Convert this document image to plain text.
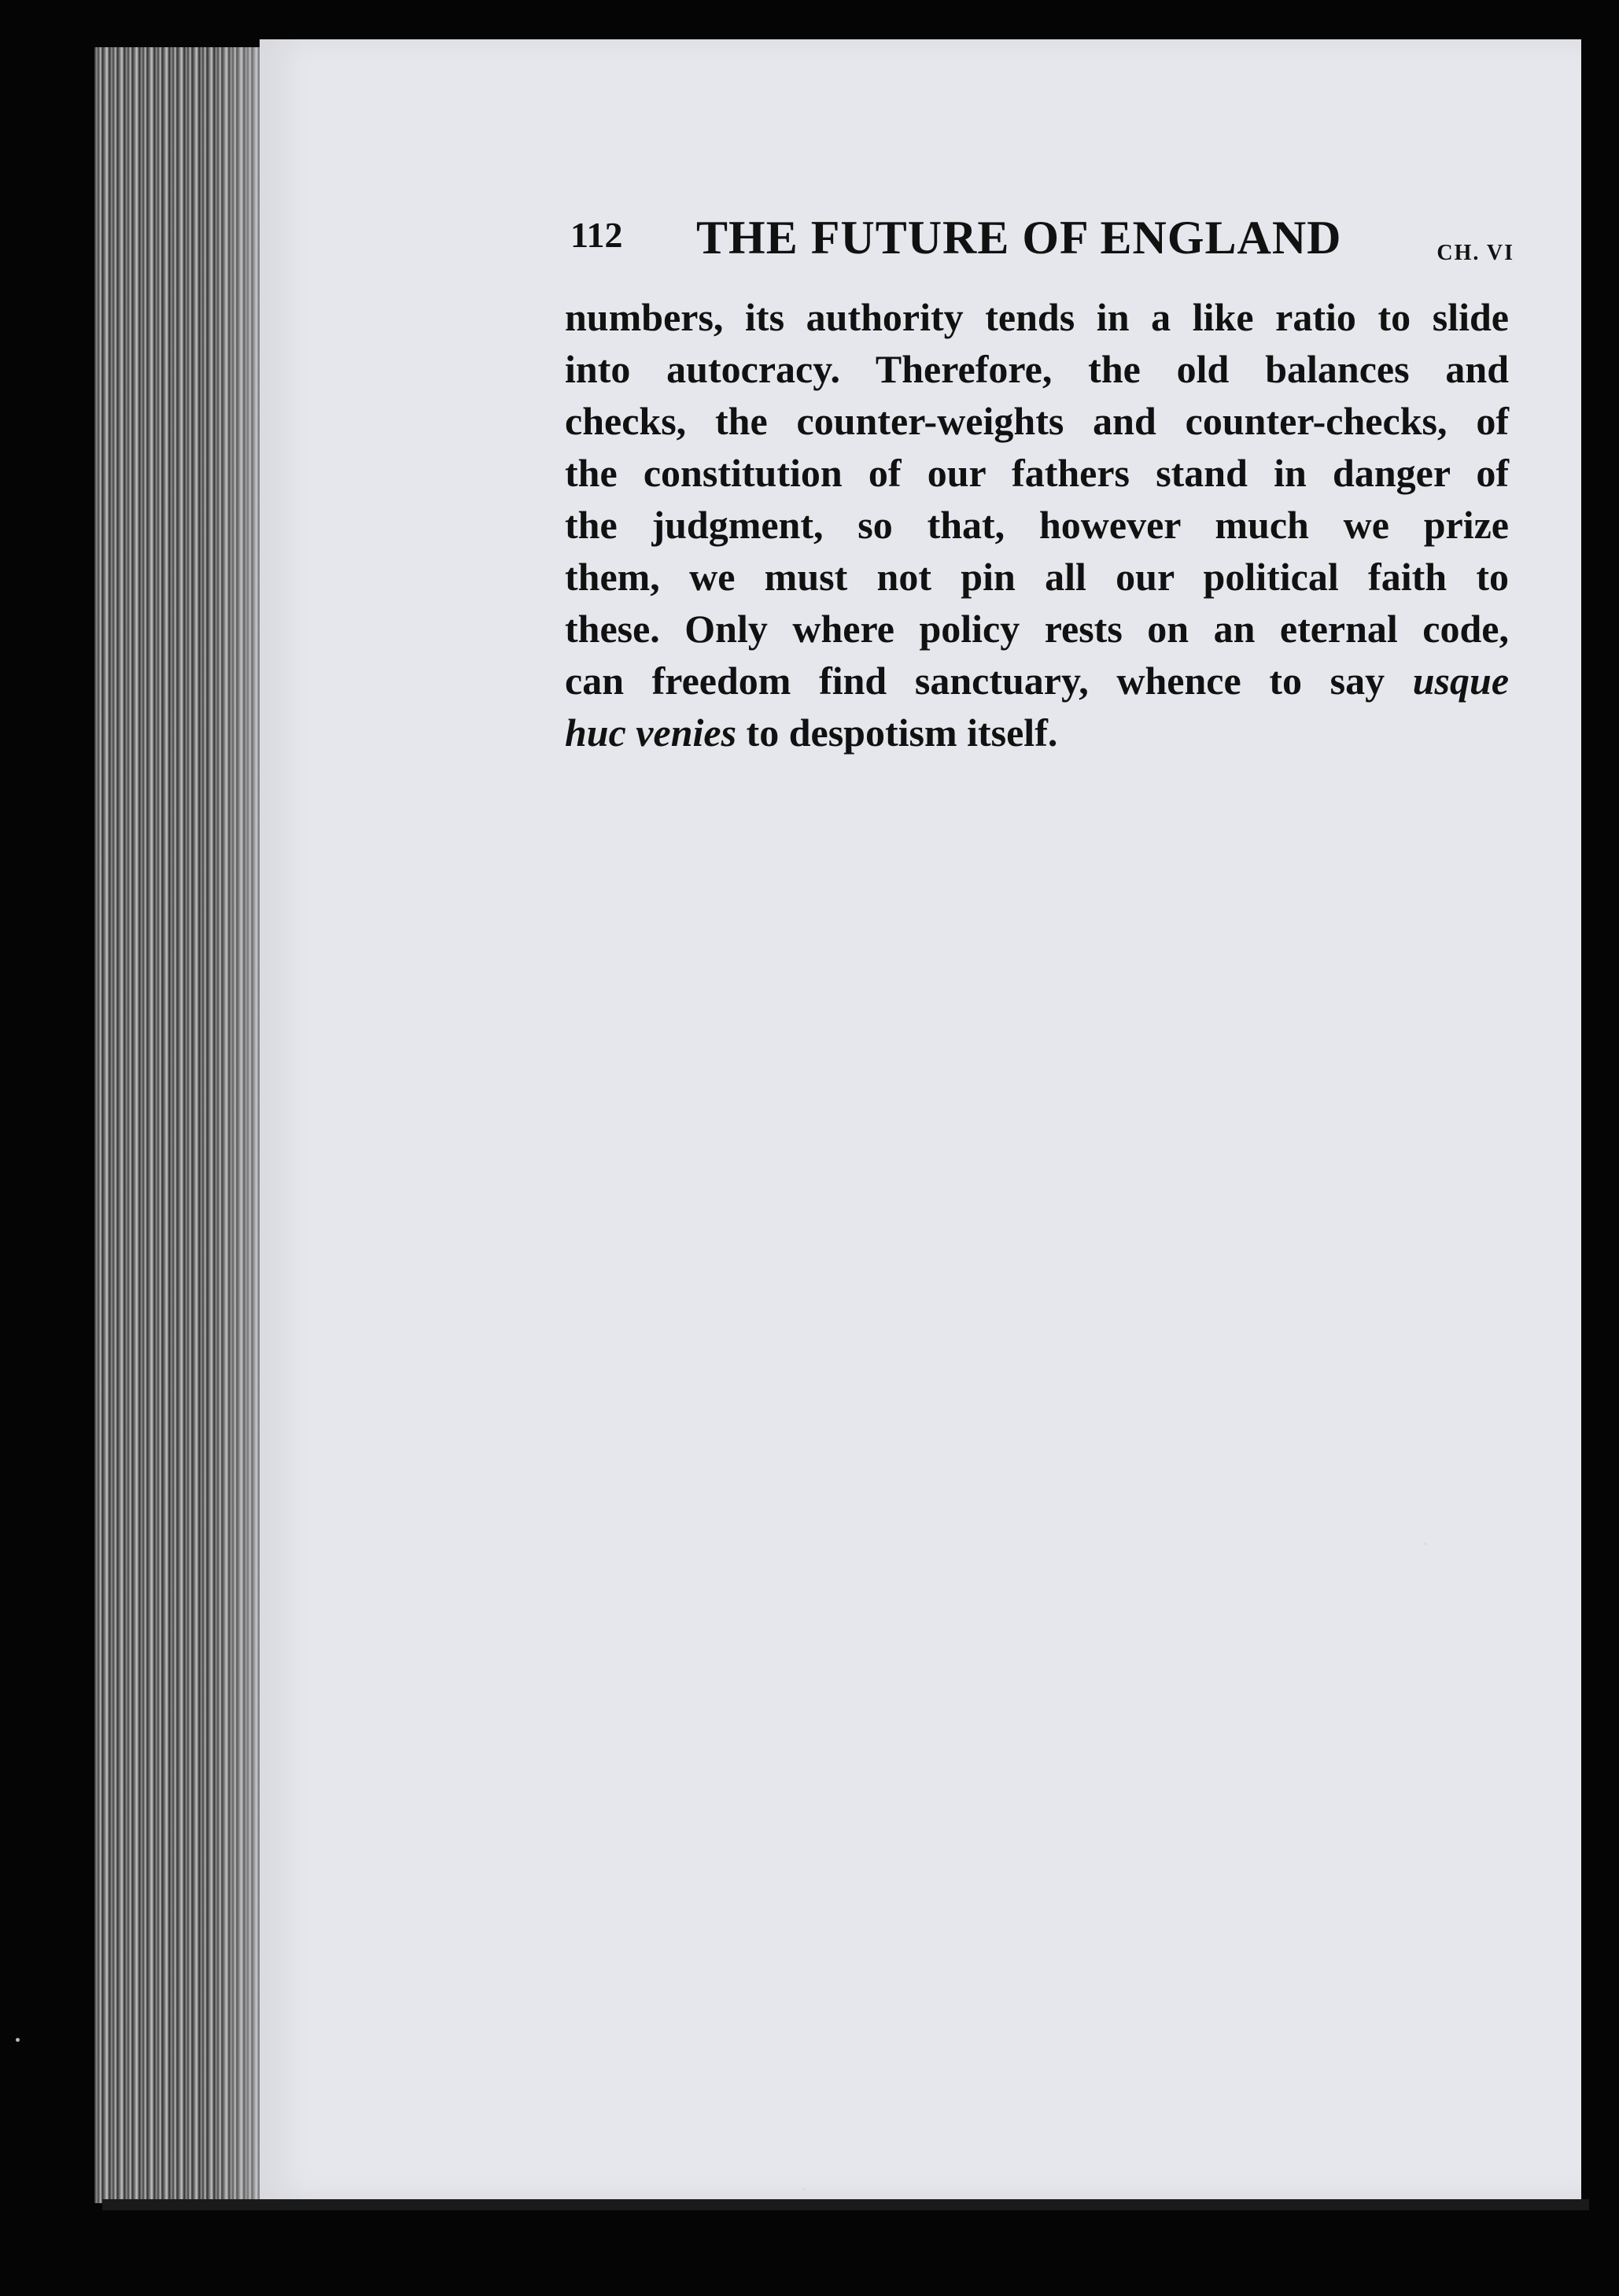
112 THE FUTURE OF ENGLAND	CH. VI
numbers, its authority tends in a like ratio to slide
into autocracy. Therefore, the old balances and
checks, the counter-weights and counter-checks, of
the constitution of our fathers stand in danger of
the judgment, so that, however much we prize
them, we must not pin all our political faith to
these. Only where policy rests on an eternal code,
can freedom find sanctuary, whence to say usque
huc venies to despotism itself.
